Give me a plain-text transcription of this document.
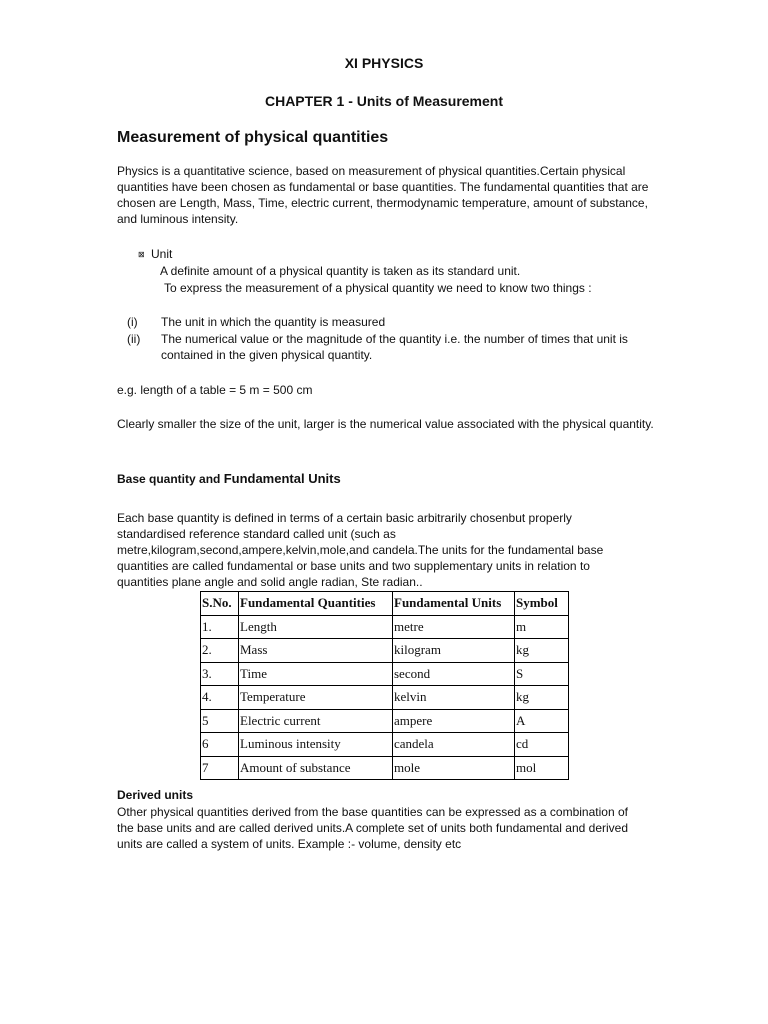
XI PHYSICS
CHAPTER 1 - Units of Measurement
Measurement of physical quantities
Physics is a quantitative science, based on measurement of physical quantities.Certain physical quantities have been chosen as fundamental or base quantities. The fundamental quantities that are chosen are Length, Mass, Time, electric current, thermodynamic temperature, amount of substance, and luminous intensity.
⊠ Unit
A definite amount of a physical quantity is taken as its standard unit.
To express the measurement of a physical quantity we need to know two things :
(i)	The unit in which the quantity is measured
(ii)	The numerical value or the magnitude of the quantity i.e. the number of times that unit is contained in the given physical quantity.
e.g. length of a table = 5 m = 500 cm
Clearly smaller the size of the unit, larger is the numerical value associated with the physical quantity.
Base quantity and Fundamental Units
Each base quantity is defined in terms of a certain basic arbitrarily chosenbut properly standardised reference standard called unit (such as metre,kilogram,second,ampere,kelvin,mole,and candela.The units for the fundamental base quantities are called fundamental or base units and two supplementary units in relation to quantities plane angle and solid angle radian, Ste radian..
S.No.	Fundamental Quantities	Fundamental Units	Symbol
1.	Length	metre	m
2.	Mass	kilogram	kg
3.	Time	second	S
4.	Temperature	kelvin	kg
5	Electric current	ampere	A
6	Luminous intensity	candela	cd
7	Amount of substance	mole	mol
Derived units
Other physical quantities derived from the base quantities can be expressed as a combination of the base units and are called derived units.A complete set of units both fundamental and derived units are called a system of units. Example :- volume, density etc
